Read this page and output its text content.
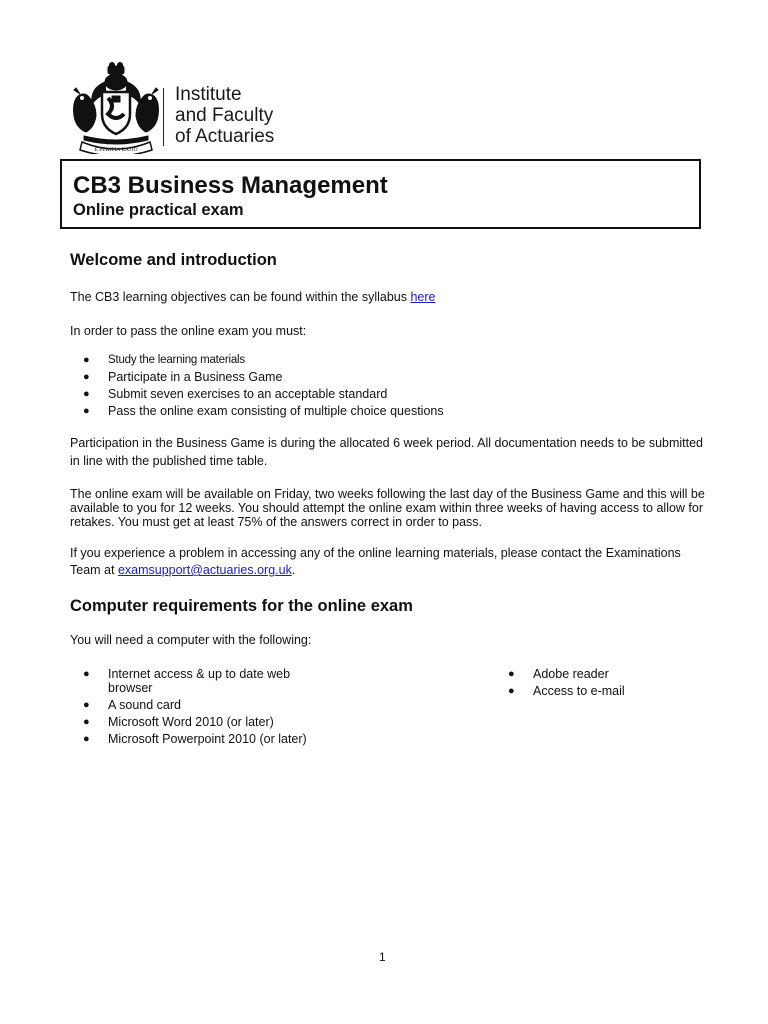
E PERITIA RATIO
Institute
and Faculty
of Actuaries
CB3 Business Management
Online practical exam
Welcome and introduction

The CB3 learning objectives can be found within the syllabus here

In order to pass the online exam you must:

● Study the learning materials
● Participate in a Business Game
● Submit seven exercises to an acceptable standard
● Pass the online exam consisting of multiple choice questions

Participation in the Business Game is during the allocated 6 week period. All documentation needs to be submitted in line with the published time table.

The online exam will be available on Friday, two weeks following the last day of the Business Game and this will be available to you for 12 weeks. You should attempt the online exam within three weeks of having access to allow for retakes. You must get at least 75% of the answers correct in order to pass.

If you experience a problem in accessing any of the online learning materials, please contact the Examinations Team at examsupport@actuaries.org.uk.

Computer requirements for the online exam

You will need a computer with the following:

● Internet access & up to date web browser
● A sound card
● Microsoft Word 2010 (or later)
● Microsoft Powerpoint 2010 (or later)
● Adobe reader
● Access to e-mail
1
